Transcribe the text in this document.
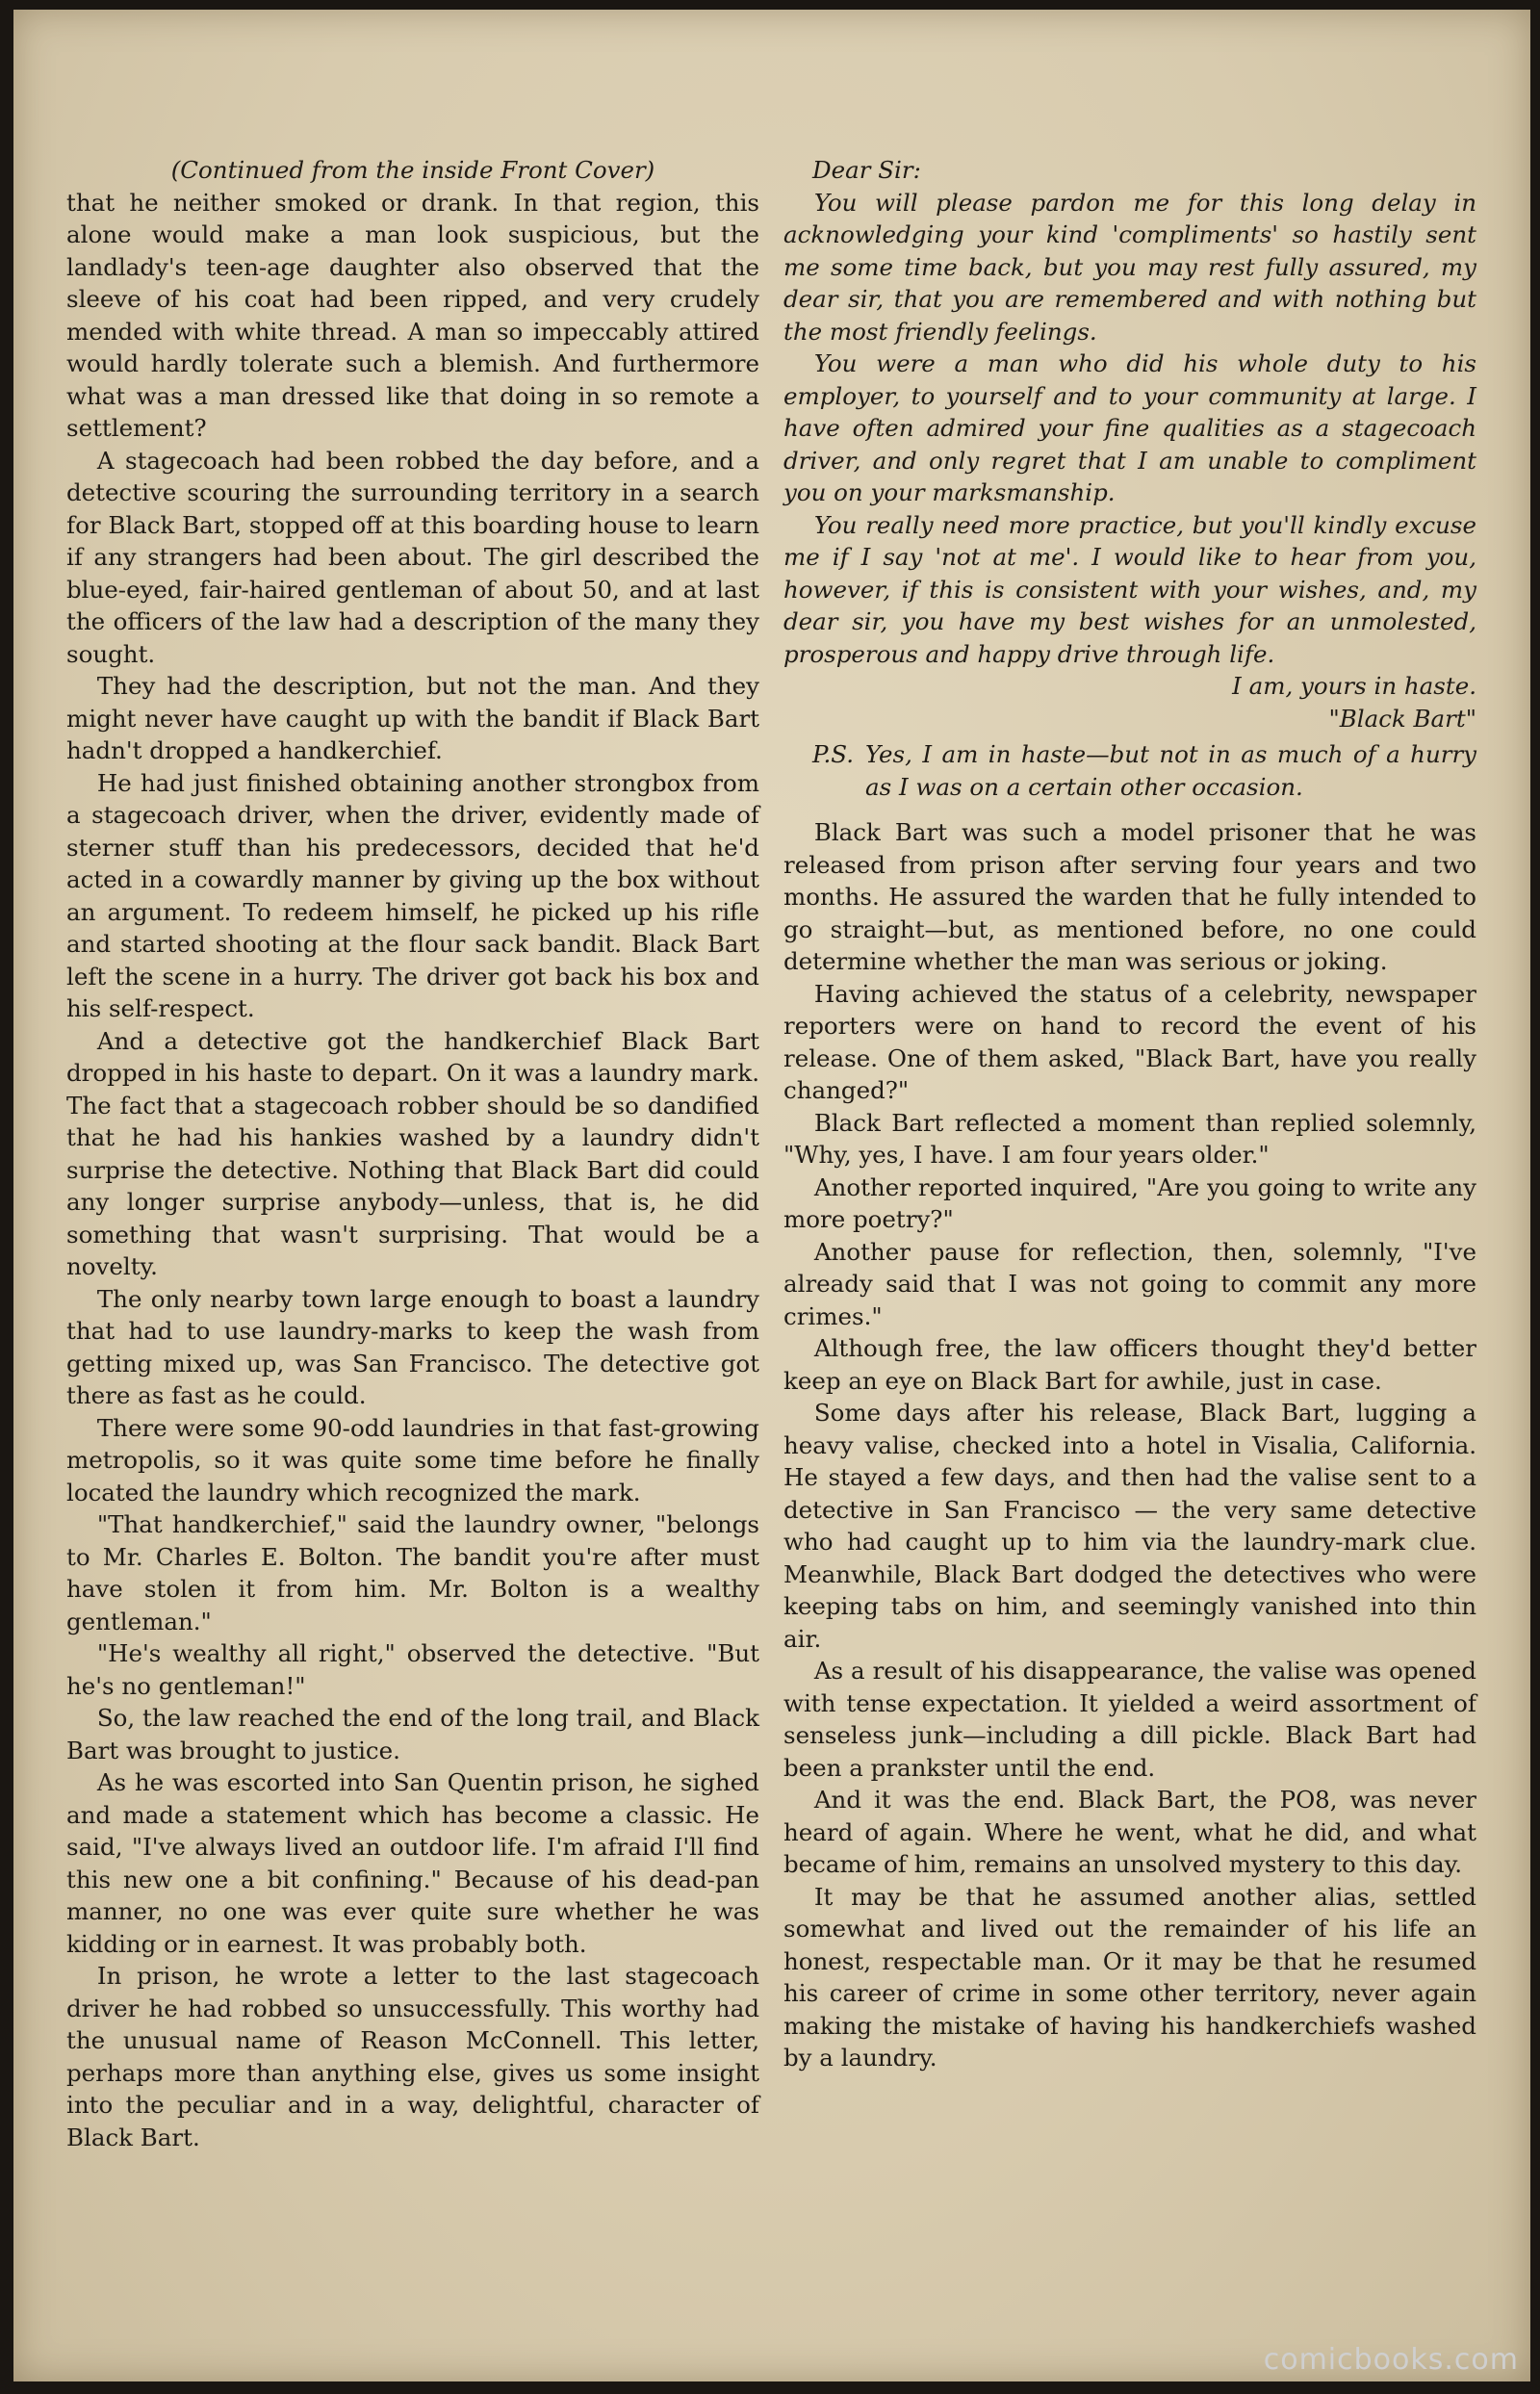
(Continued from the inside Front Cover)

that he neither smoked or drank. In that region, this alone would make a man look suspicious, but the landlady's teen-age daughter also observed that the sleeve of his coat had been ripped, and very crudely mended with white thread. A man so impeccably attired would hardly tolerate such a blemish. And furthermore what was a man dressed like that doing in so remote a settlement?

A stagecoach had been robbed the day before, and a detective scouring the surrounding territory in a search for Black Bart, stopped off at this boarding house to learn if any strangers had been about. The girl described the blue-eyed, fair-haired gentleman of about 50, and at last the officers of the law had a description of the many they sought.

They had the description, but not the man. And they might never have caught up with the bandit if Black Bart hadn't dropped a handkerchief.

He had just finished obtaining another strongbox from a stagecoach driver, when the driver, evidently made of sterner stuff than his predecessors, decided that he'd acted in a cowardly manner by giving up the box without an argument. To redeem himself, he picked up his rifle and started shooting at the flour sack bandit. Black Bart left the scene in a hurry. The driver got back his box and his self-respect.

And a detective got the handkerchief Black Bart dropped in his haste to depart. On it was a laundry mark. The fact that a stagecoach robber should be so dandified that he had his hankies washed by a laundry didn't surprise the detective. Nothing that Black Bart did could any longer surprise anybody—unless, that is, he did something that wasn't surprising. That would be a novelty.

The only nearby town large enough to boast a laundry that had to use laundry-marks to keep the wash from getting mixed up, was San Francisco. The detective got there as fast as he could.

There were some 90-odd laundries in that fast-growing metropolis, so it was quite some time before he finally located the laundry which recognized the mark.

"That handkerchief," said the laundry owner, "belongs to Mr. Charles E. Bolton. The bandit you're after must have stolen it from him. Mr. Bolton is a wealthy gentleman."

"He's wealthy all right," observed the detective. "But he's no gentleman!"

So, the law reached the end of the long trail, and Black Bart was brought to justice.

As he was escorted into San Quentin prison, he sighed and made a statement which has become a classic. He said, "I've always lived an outdoor life. I'm afraid I'll find this new one a bit confining." Because of his dead-pan manner, no one was ever quite sure whether he was kidding or in earnest. It was probably both.

In prison, he wrote a letter to the last stagecoach driver he had robbed so unsuccessfully. This worthy had the unusual name of Reason McConnell. This letter, perhaps more than anything else, gives us some insight into the peculiar and in a way, delightful, character of Black Bart.

Dear Sir:

You will please pardon me for this long delay in acknowledging your kind 'compliments' so hastily sent me some time back, but you may rest fully assured, my dear sir, that you are remembered and with nothing but the most friendly feelings.

You were a man who did his whole duty to his employer, to yourself and to your community at large. I have often admired your fine qualities as a stagecoach driver, and only regret that I am unable to compliment you on your marksmanship.

You really need more practice, but you'll kindly excuse me if I say 'not at me'. I would like to hear from you, however, if this is consistent with your wishes, and, my dear sir, you have my best wishes for an unmolested, prosperous and happy drive through life.

I am, yours in haste.

"Black Bart"

P.S. Yes, I am in haste—but not in as much of a hurry as I was on a certain other occasion.

Black Bart was such a model prisoner that he was released from prison after serving four years and two months. He assured the warden that he fully intended to go straight—but, as mentioned before, no one could determine whether the man was serious or joking.

Having achieved the status of a celebrity, newspaper reporters were on hand to record the event of his release. One of them asked, "Black Bart, have you really changed?"

Black Bart reflected a moment than replied solemnly, "Why, yes, I have. I am four years older."

Another reported inquired, "Are you going to write any more poetry?"

Another pause for reflection, then, solemnly, "I've already said that I was not going to commit any more crimes."

Although free, the law officers thought they'd better keep an eye on Black Bart for awhile, just in case.

Some days after his release, Black Bart, lugging a heavy valise, checked into a hotel in Visalia, California. He stayed a few days, and then had the valise sent to a detective in San Francisco — the very same detective who had caught up to him via the laundry-mark clue. Meanwhile, Black Bart dodged the detectives who were keeping tabs on him, and seemingly vanished into thin air.

As a result of his disappearance, the valise was opened with tense expectation. It yielded a weird assortment of senseless junk—including a dill pickle. Black Bart had been a prankster until the end.

And it was the end. Black Bart, the PO8, was never heard of again. Where he went, what he did, and what became of him, remains an unsolved mystery to this day.

It may be that he assumed another alias, settled somewhat and lived out the remainder of his life an honest, respectable man. Or it may be that he resumed his career of crime in some other territory, never again making the mistake of having his handkerchiefs washed by a laundry.

comicbooks.com
